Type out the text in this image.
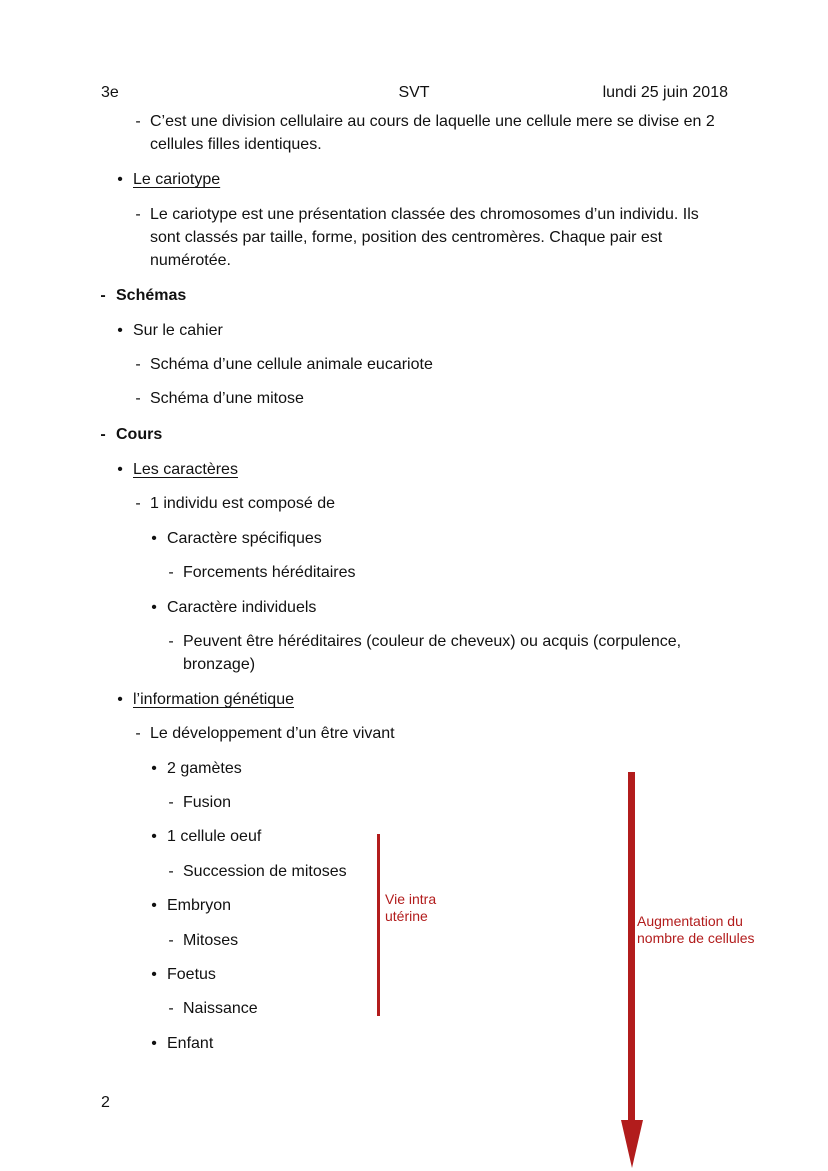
3e	SVT	lundi 25 juin 2018
- C’est une division cellulaire au cours de laquelle une cellule mere se divise en 2 cellules filles identiques.

• Le cariotype

- Le cariotype est une présentation classée des chromosomes d’un individu. Ils sont classés par taille, forme, position des centromères. Chaque pair est numérotée.

- Schémas

• Sur le cahier

- Schéma d’une cellule animale eucariote

- Schéma d’une mitose

- Cours

• Les caractères

- 1 individu est composé de

• Caractère spécifiques

- Forcements héréditaires

• Caractère individuels

- Peuvent être héréditaires (couleur de cheveux) ou acquis (corpulence, bronzage)

• l’information génétique

- Le développement d’un être vivant

• 2 gamètes

- Fusion

• 1 cellule oeuf

- Succession de mitoses

• Embryon

- Mitoses

• Foetus

- Naissance

• Enfant

Vie intra utérine	Augmentation du nombre de cellules
2
